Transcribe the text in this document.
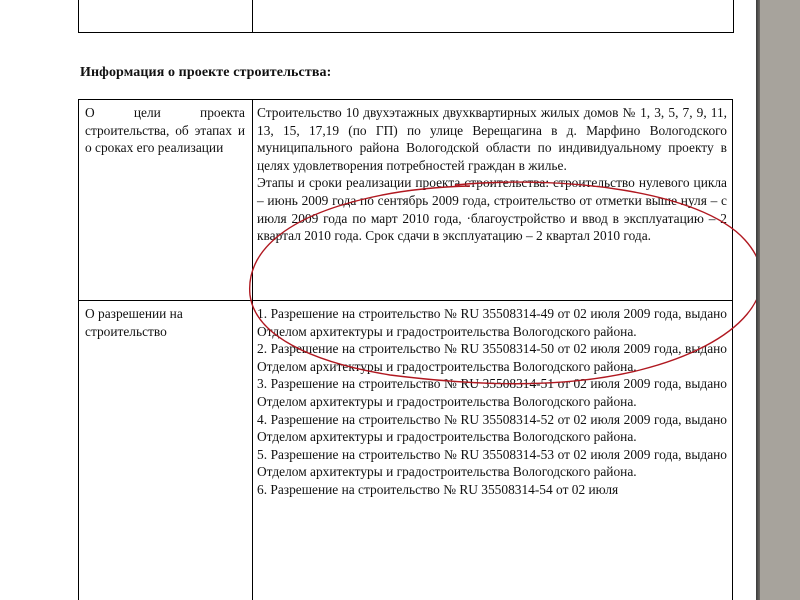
Информация о проекте строительства:
О цели проекта строительства, об этапах и о сроках его реализации

Строительство 10 двухэтажных двухквартирных жилых домов № 1, 3, 5, 7, 9, 11, 13, 15, 17,19 (по ГП) по улице Верещагина в д. Марфино Вологодского муниципального района Вологодской области по индивидуальному проекту в целях удовлетворения потребностей граждан в жилье.

Этапы и сроки реализации проекта строительства: строительство нулевого цикла – июнь 2009 года по сентябрь 2009 года, строительство от отметки выше нуля – с июля 2009 года по март 2010 года, ·благоустройство и ввод в эксплуатацию – 2 квартал 2010 года. Срок сдачи в эксплуатацию – 2 квартал 2010 года.

О разрешении на строительство

1. Разрешение на строительство № RU 35508314-49 от 02 июля 2009 года, выдано Отделом архитектуры и градостроительства Вологодского района.

2. Разрешение на строительство № RU 35508314-50 от 02 июля 2009 года, выдано Отделом архитектуры и градостроительства Вологодского района.

3. Разрешение на строительство № RU 35508314-51 от 02 июля 2009 года, выдано Отделом архитектуры и градостроительства Вологодского района.

4. Разрешение на строительство № RU 35508314-52 от 02 июля 2009 года, выдано Отделом архитектуры и градостроительства Вологодского района.

5. Разрешение на строительство № RU 35508314-53 от 02 июля 2009 года, выдано Отделом архитектуры и градостроительства Вологодского района.

6. Разрешение на строительство № RU 35508314-54 от 02 июля
